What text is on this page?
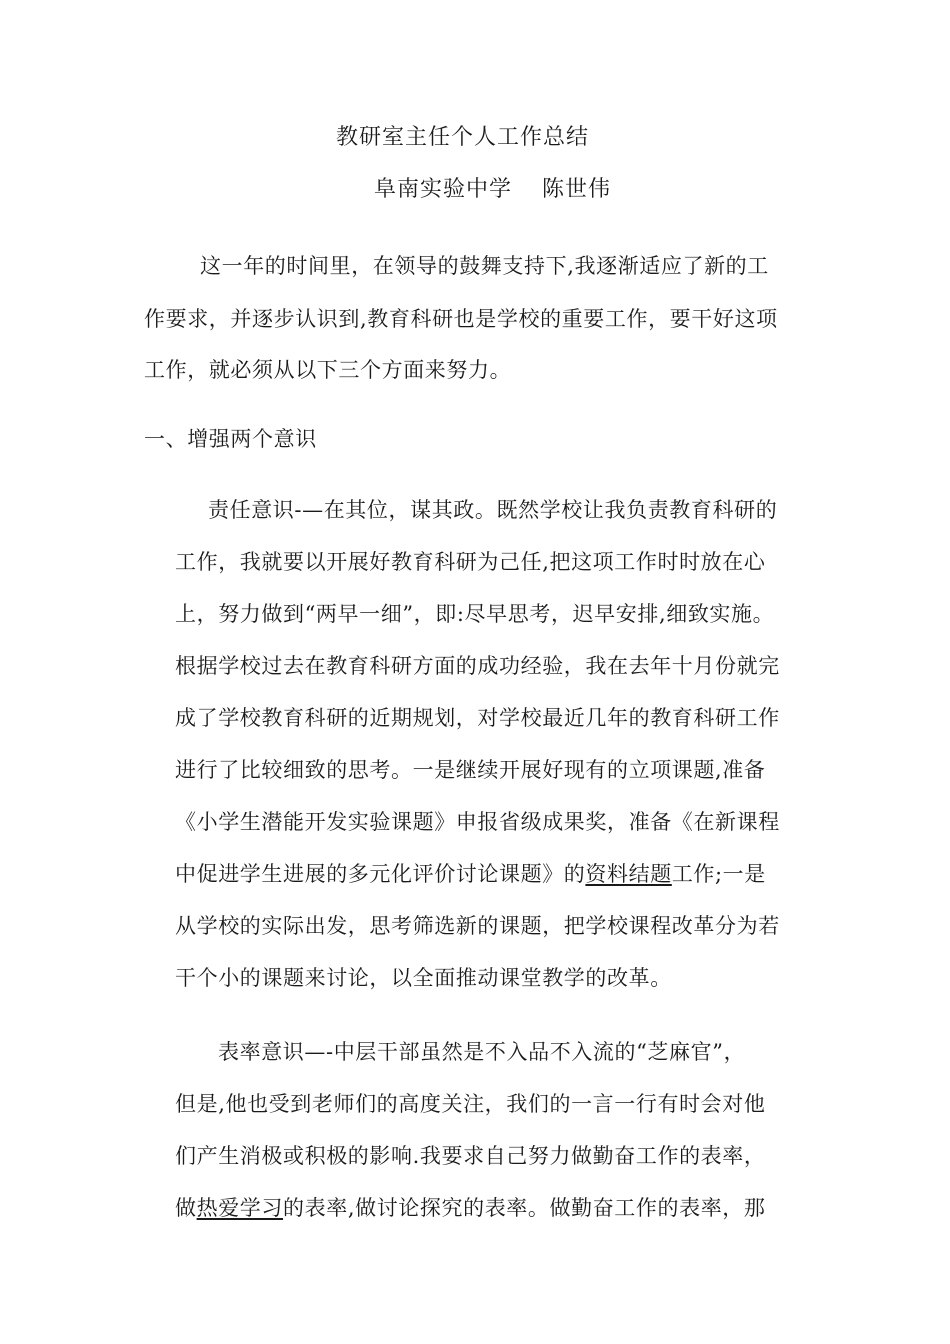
教研室主任个人工作总结
阜南实验中学 陈世伟
这一年的时间里，在领导的鼓舞支持下,我逐渐适应了新的工
作要求，并逐步认识到,教育科研也是学校的重要工作，要干好这项
工作，就必须从以下三个方面来努力。
一、增强两个意识
责任意识-—在其位，谋其政。既然学校让我负责教育科研的
工作，我就要以开展好教育科研为己任,把这项工作时时放在心
上，努力做到“两早一细”，即:尽早思考，迟早安排,细致实施。
根据学校过去在教育科研方面的成功经验，我在去年十月份就完
成了学校教育科研的近期规划，对学校最近几年的教育科研工作
进行了比较细致的思考。一是继续开展好现有的立项课题,准备
《小学生潜能开发实验课题》申报省级成果奖，准备《在新课程
中促进学生进展的多元化评价讨论课题》的资料结题工作;一是
从学校的实际出发，思考筛选新的课题，把学校课程改革分为若
干个小的课题来讨论，以全面推动课堂教学的改革。
表率意识—-中层干部虽然是不入品不入流的“芝麻官”，
但是,他也受到老师们的高度关注，我们的一言一行有时会对他
们产生消极或积极的影响.我要求自己努力做勤奋工作的表率，
做热爱学习的表率,做讨论探究的表率。做勤奋工作的表率，那
